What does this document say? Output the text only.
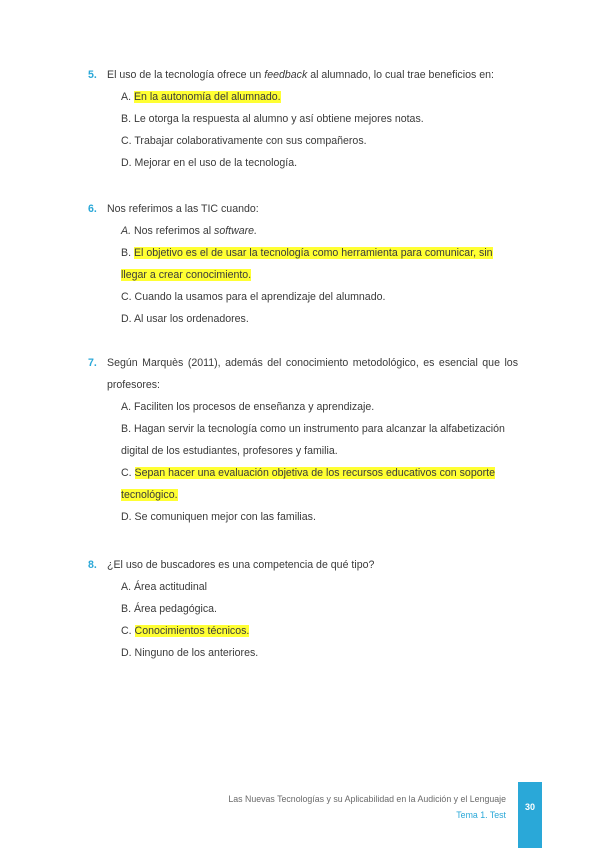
5. El uso de la tecnología ofrece un feedback al alumnado, lo cual trae beneficios en:
A. En la autonomía del alumnado.
B. Le otorga la respuesta al alumno y así obtiene mejores notas.
C. Trabajar colaborativamente con sus compañeros.
D. Mejorar en el uso de la tecnología.
6. Nos referimos a las TIC cuando:
A. Nos referimos al software.
B. El objetivo es el de usar la tecnología como herramienta para comunicar, sin llegar a crear conocimiento.
C. Cuando la usamos para el aprendizaje del alumnado.
D. Al usar los ordenadores.
7. Según Marquès (2011), además del conocimiento metodológico, es esencial que los profesores:
A. Faciliten los procesos de enseñanza y aprendizaje.
B. Hagan servir la tecnología como un instrumento para alcanzar la alfabetización digital de los estudiantes, profesores y familia.
C. Sepan hacer una evaluación objetiva de los recursos educativos con soporte tecnológico.
D. Se comuniquen mejor con las familias.
8. ¿El uso de buscadores es una competencia de qué tipo?
A. Área actitudinal
B. Área pedagógica.
C. Conocimientos técnicos.
D. Ninguno de los anteriores.
Las Nuevas Tecnologías y su Aplicabilidad en la Audición y el Lenguaje
Tema 1. Test
30
